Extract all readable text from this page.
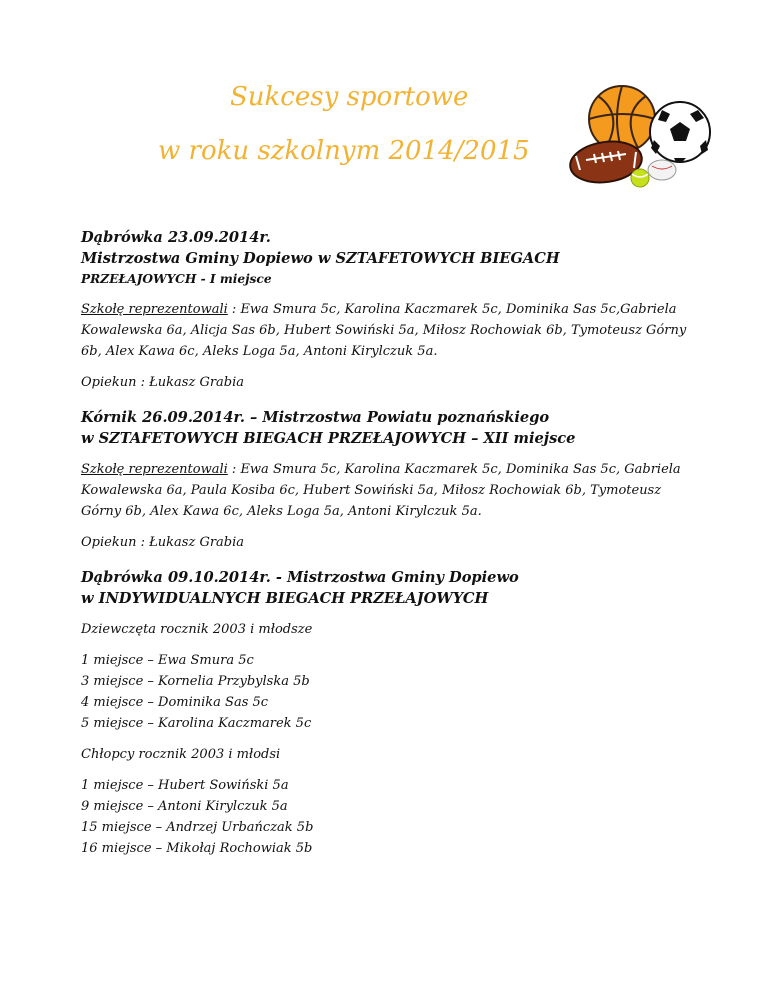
Sukcesy sportowe
w roku szkolnym 2014/2015

Dąbrówka 23.09.2014r.

Mistrzostwa Gminy Dopiewo w SZTAFETOWYCH BIEGACH

PRZEŁAJOWYCH - I miejsce

Szkołę reprezentowali : Ewa Smura 5c, Karolina Kaczmarek 5c, Dominika Sas 5c,Gabriela Kowalewska 6a, Alicja Sas 6b, Hubert Sowiński 5a, Miłosz Rochowiak 6b, Tymoteusz Górny 6b, Alex Kawa 6c, Aleks Loga 5a, Antoni Kirylczuk 5a.

Opiekun : Łukasz Grabia

Kórnik 26.09.2014r. – Mistrzostwa Powiatu poznańskiego

w SZTAFETOWYCH BIEGACH PRZEŁAJOWYCH – XII miejsce

Szkołę reprezentowali : Ewa Smura 5c, Karolina Kaczmarek 5c, Dominika Sas 5c, Gabriela Kowalewska 6a, Paula Kosiba 6c, Hubert Sowiński 5a, Miłosz Rochowiak 6b, Tymoteusz Górny 6b, Alex Kawa 6c, Aleks Loga 5a, Antoni Kirylczuk 5a.

Opiekun : Łukasz Grabia

Dąbrówka 09.10.2014r. - Mistrzostwa Gminy Dopiewo

w INDYWIDUALNYCH BIEGACH PRZEŁAJOWYCH

Dziewczęta rocznik 2003 i młodsze

1 miejsce – Ewa Smura 5c
3 miejsce – Kornelia Przybylska 5b
4 miejsce – Dominika Sas 5c
5 miejsce – Karolina Kaczmarek 5c

Chłopcy rocznik 2003 i młodsi

1 miejsce – Hubert Sowiński 5a
9 miejsce – Antoni Kirylczuk 5a
15 miejsce – Andrzej Urbańczak 5b
16 miejsce – Mikołaj Rochowiak 5b
